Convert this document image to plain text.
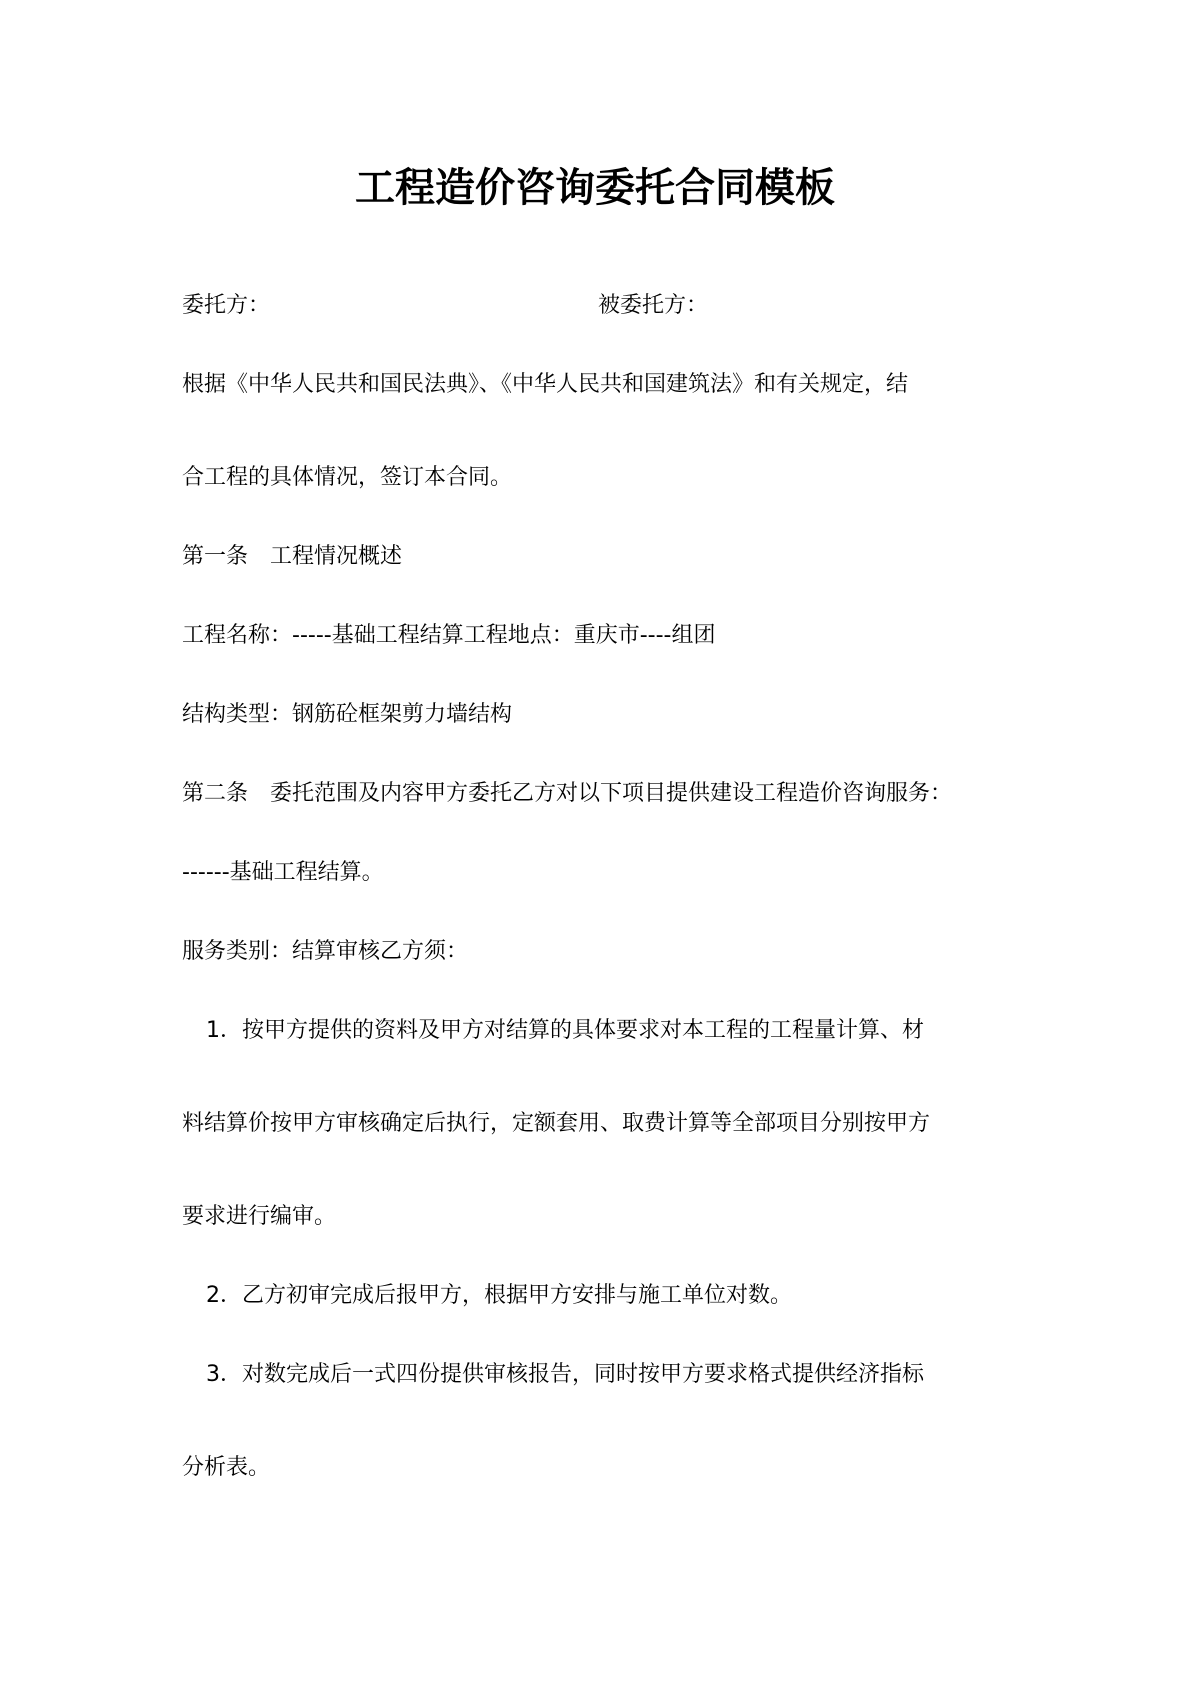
工程造价咨询委托合同模板
委托方：	被委托方：
根据《中华人民共和国民法典》、《中华人民共和国建筑法》和有关规定，结
合工程的具体情况，签订本合同。
第一条　工程情况概述
工程名称：-----基础工程结算工程地点：重庆市----组团
结构类型：钢筋砼框架剪力墙结构
第二条　委托范围及内容甲方委托乙方对以下项目提供建设工程造价咨询服务：
------基础工程结算。
服务类别：结算审核乙方须：
1．按甲方提供的资料及甲方对结算的具体要求对本工程的工程量计算、材
料结算价按甲方审核确定后执行，定额套用、取费计算等全部项目分别按甲方
要求进行编审。
2．乙方初审完成后报甲方，根据甲方安排与施工单位对数。
3．对数完成后一式四份提供审核报告，同时按甲方要求格式提供经济指标
分析表。
